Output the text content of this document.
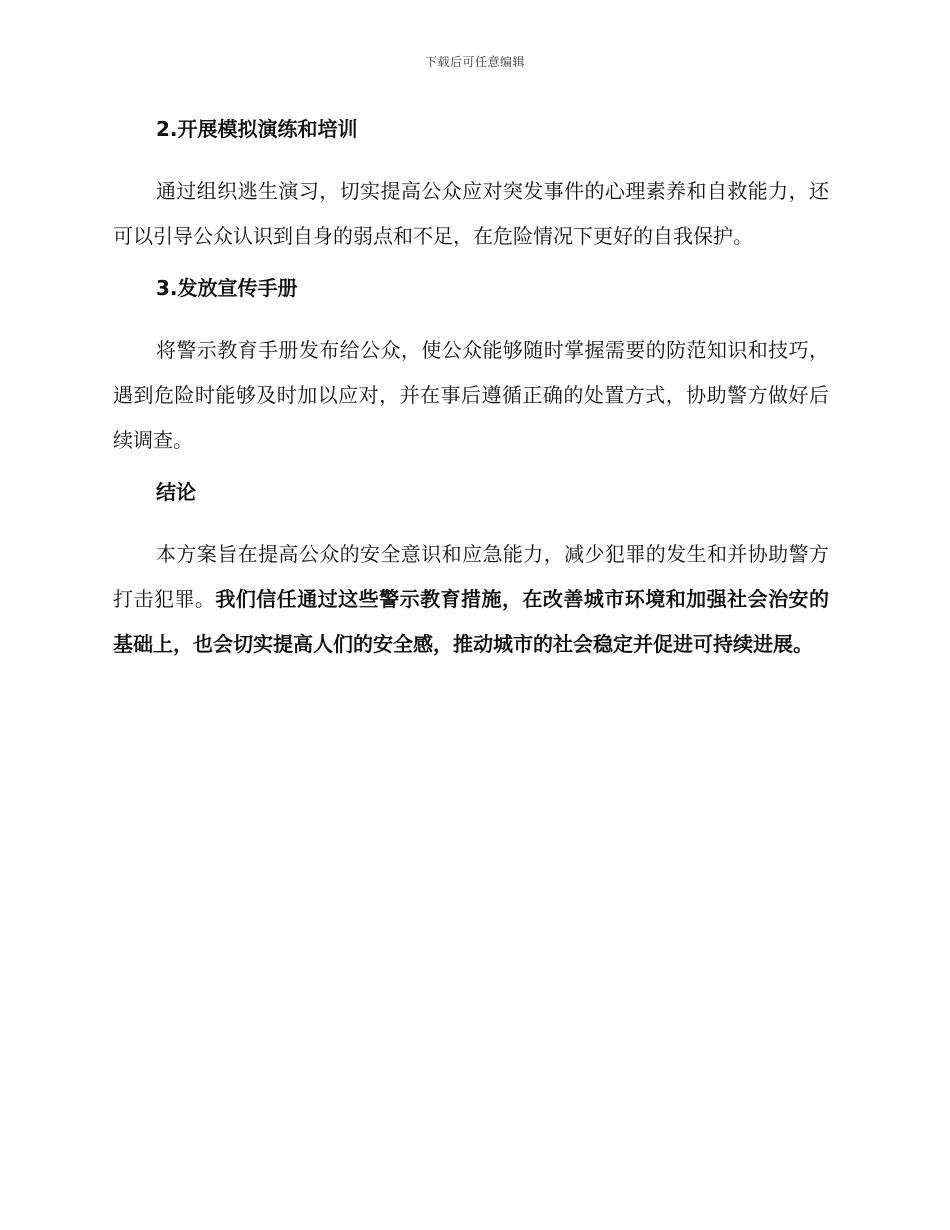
下载后可任意编辑
2.开展模拟演练和培训

通过组织逃生演习，切实提高公众应对突发事件的心理素养和自救能力，还可以引导公众认识到自身的弱点和不足，在危险情况下更好的自我保护。

3.发放宣传手册

将警示教育手册发布给公众，使公众能够随时掌握需要的防范知识和技巧，遇到危险时能够及时加以应对，并在事后遵循正确的处置方式，协助警方做好后续调查。

结论

本方案旨在提高公众的安全意识和应急能力，减少犯罪的发生和并协助警方打击犯罪。我们信任通过这些警示教育措施，在改善城市环境和加强社会治安的基础上，也会切实提高人们的安全感，推动城市的社会稳定并促进可持续进展。
